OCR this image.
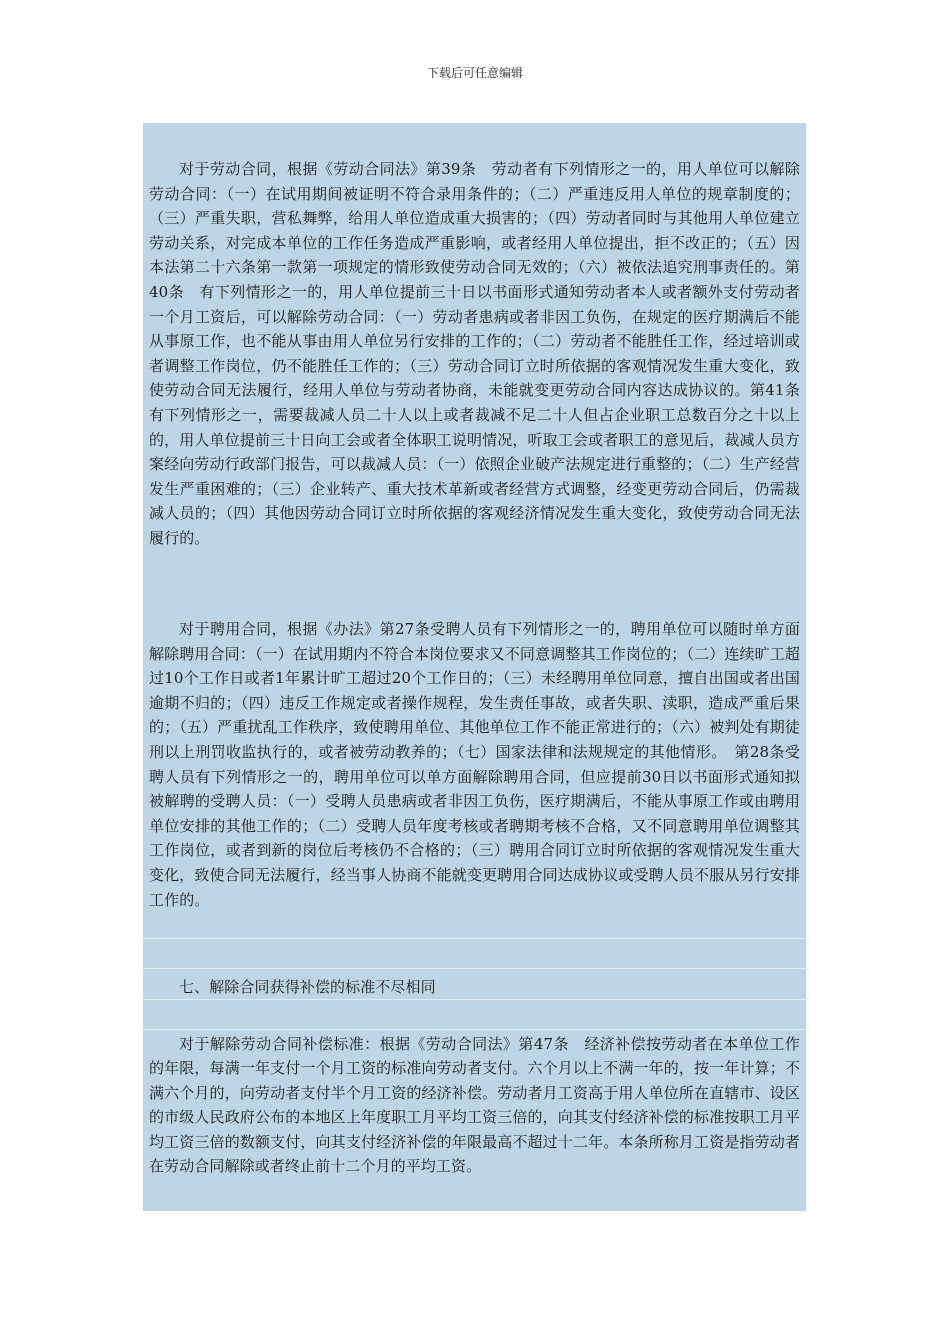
下载后可任意编辑

对于劳动合同，根据《劳动合同法》第39条　劳动者有下列情形之一的，用人单位可以解除劳动合同：（一）在试用期间被证明不符合录用条件的；（二）严重违反用人单位的规章制度的；（三）严重失职，营私舞弊，给用人单位造成重大损害的；（四）劳动者同时与其他用人单位建立劳动关系，对完成本单位的工作任务造成严重影响，或者经用人单位提出，拒不改正的；（五）因本法第二十六条第一款第一项规定的情形致使劳动合同无效的；（六）被依法追究刑事责任的。第40条　有下列情形之一的，用人单位提前三十日以书面形式通知劳动者本人或者额外支付劳动者一个月工资后，可以解除劳动合同：（一）劳动者患病或者非因工负伤，在规定的医疗期满后不能从事原工作，也不能从事由用人单位另行安排的工作的；（二）劳动者不能胜任工作，经过培训或者调整工作岗位，仍不能胜任工作的；（三）劳动合同订立时所依据的客观情况发生重大变化，致使劳动合同无法履行，经用人单位与劳动者协商，未能就变更劳动合同内容达成协议的。第41条　有下列情形之一，需要裁减人员二十人以上或者裁减不足二十人但占企业职工总数百分之十以上的，用人单位提前三十日向工会或者全体职工说明情况，听取工会或者职工的意见后，裁减人员方案经向劳动行政部门报告，可以裁减人员：（一）依照企业破产法规定进行重整的；（二）生产经营发生严重困难的；（三）企业转产、重大技术革新或者经营方式调整，经变更劳动合同后，仍需裁减人员的；（四）其他因劳动合同订立时所依据的客观经济情况发生重大变化，致使劳动合同无法履行的。

对于聘用合同，根据《办法》第27条受聘人员有下列情形之一的，聘用单位可以随时单方面解除聘用合同：（一）在试用期内不符合本岗位要求又不同意调整其工作岗位的；（二）连续旷工超过10个工作日或者1年累计旷工超过20个工作日的；（三）未经聘用单位同意，擅自出国或者出国逾期不归的；（四）违反工作规定或者操作规程，发生责任事故，或者失职、渎职，造成严重后果的；（五）严重扰乱工作秩序，致使聘用单位、其他单位工作不能正常进行的；（六）被判处有期徒刑以上刑罚收监执行的，或者被劳动教养的；（七）国家法律和法规规定的其他情形。　第28条受聘人员有下列情形之一的，聘用单位可以单方面解除聘用合同，但应提前30日以书面形式通知拟被解聘的受聘人员：（一）受聘人员患病或者非因工负伤，医疗期满后，不能从事原工作或由聘用单位安排的其他工作的；（二）受聘人员年度考核或者聘期考核不合格，又不同意聘用单位调整其工作岗位，或者到新的岗位后考核仍不合格的；（三）聘用合同订立时所依据的客观情况发生重大变化，致使合同无法履行，经当事人协商不能就变更聘用合同达成协议或受聘人员不服从另行安排工作的。

七、解除合同获得补偿的标准不尽相同

对于解除劳动合同补偿标准：根据《劳动合同法》第47条　经济补偿按劳动者在本单位工作的年限，每满一年支付一个月工资的标准向劳动者支付。六个月以上不满一年的，按一年计算；不满六个月的，向劳动者支付半个月工资的经济补偿。劳动者月工资高于用人单位所在直辖市、设区的市级人民政府公布的本地区上年度职工月平均工资三倍的，向其支付经济补偿的标准按职工月平均工资三倍的数额支付，向其支付经济补偿的年限最高不超过十二年。本条所称月工资是指劳动者在劳动合同解除或者终止前十二个月的平均工资。
